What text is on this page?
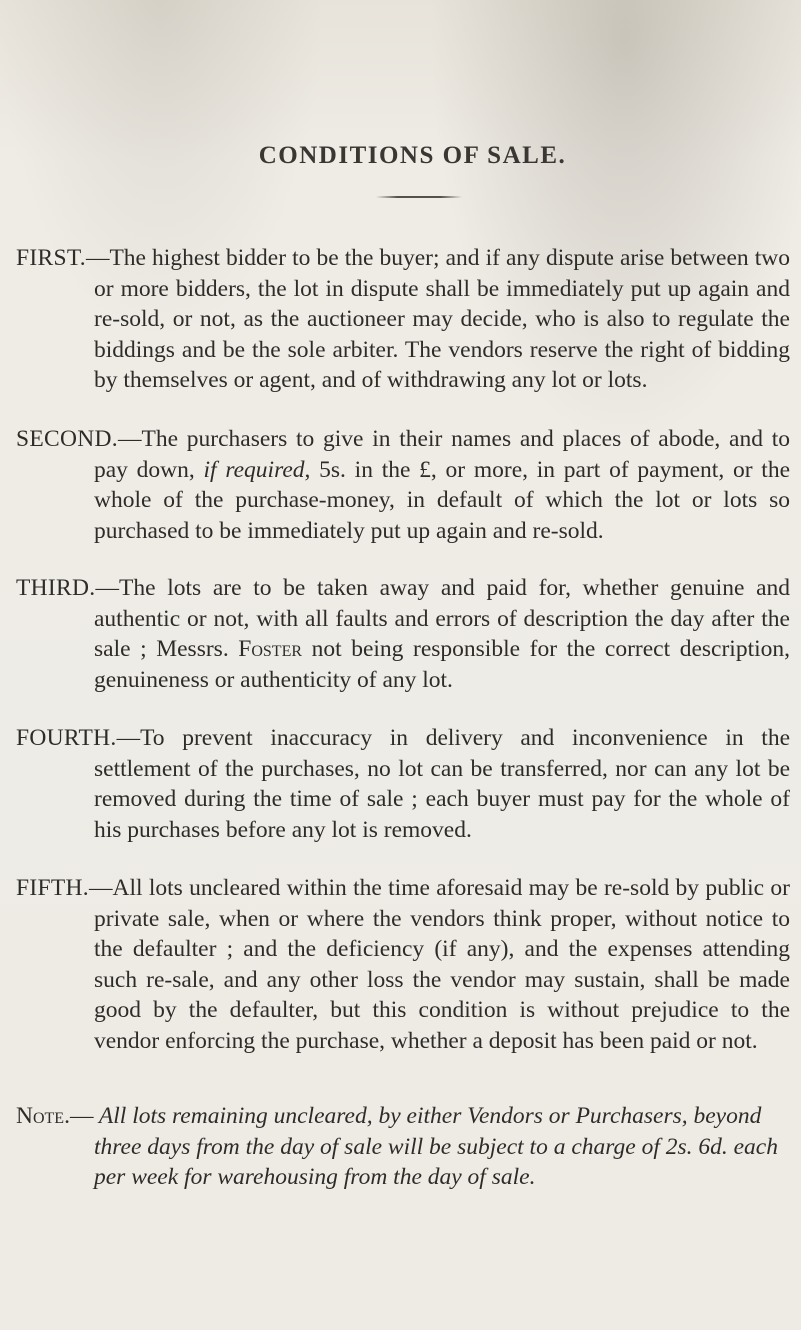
CONDITIONS OF SALE.

FIRST.—The highest bidder to be the buyer; and if any dispute arise between two or more bidders, the lot in dispute shall be immediately put up again and re-sold, or not, as the auctioneer may decide, who is also to regulate the biddings and be the sole arbiter. The vendors reserve the right of bidding by themselves or agent, and of withdrawing any lot or lots.

SECOND.—The purchasers to give in their names and places of abode, and to pay down, if required, 5s. in the £, or more, in part of payment, or the whole of the purchase-money, in default of which the lot or lots so purchased to be immediately put up again and re-sold.

THIRD.—The lots are to be taken away and paid for, whether genuine and authentic or not, with all faults and errors of description the day after the sale ; Messrs. Foster not being responsible for the correct description, genuineness or authenticity of any lot.

FOURTH.—To prevent inaccuracy in delivery and inconvenience in the settlement of the purchases, no lot can be transferred, nor can any lot be removed during the time of sale ; each buyer must pay for the whole of his purchases before any lot is removed.

FIFTH.—All lots uncleared within the time aforesaid may be re-sold by public or private sale, when or where the vendors think proper, without notice to the defaulter ; and the deficiency (if any), and the expenses attending such re-sale, and any other loss the vendor may sustain, shall be made good by the defaulter, but this condition is without prejudice to the vendor enforcing the purchase, whether a deposit has been paid or not.

Note.— All lots remaining uncleared, by either Vendors or Purchasers, beyond three days from the day of sale will be subject to a charge of 2s. 6d. each per week for warehousing from the day of sale.
